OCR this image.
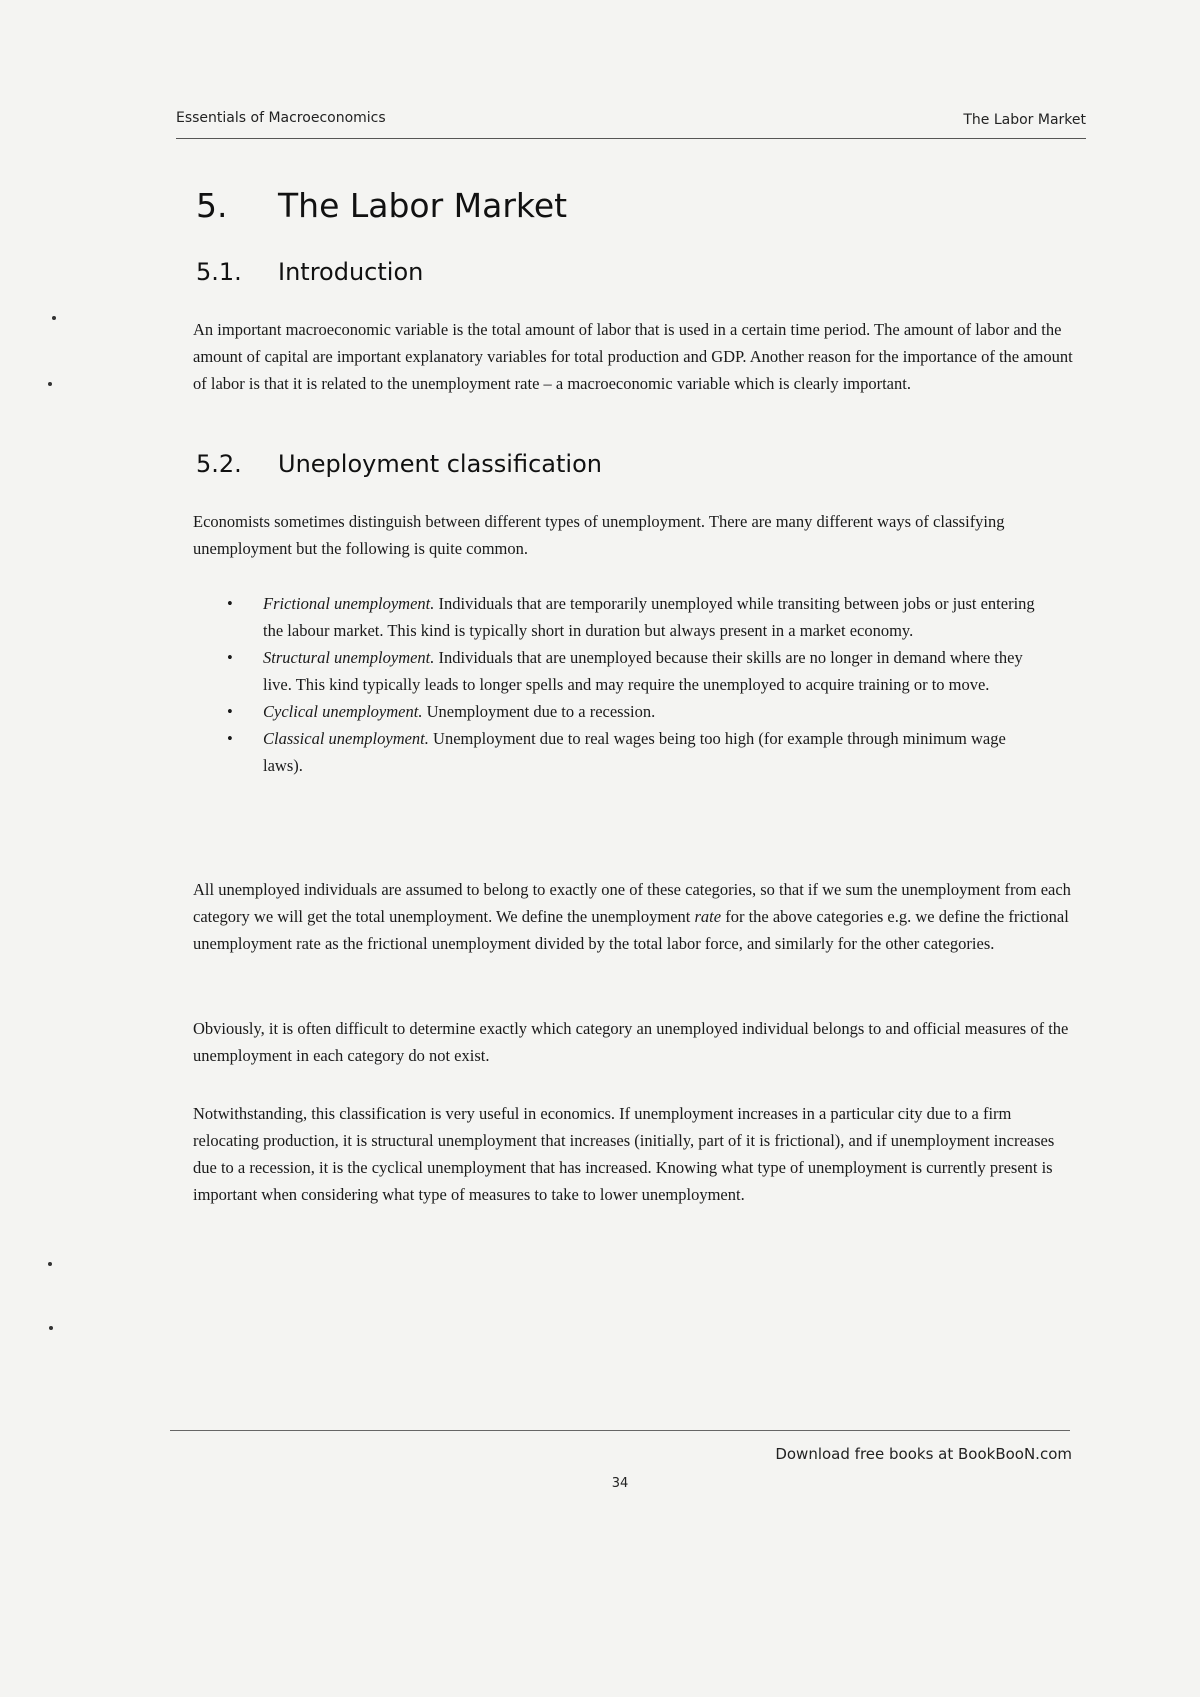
Essentials of Macroeconomics	The Labor Market
5. The Labor Market
5.1. Introduction

An important macroeconomic variable is the total amount of labor that is used in a certain time period. The amount of labor and the amount of capital are important explanatory variables for total production and GDP. Another reason for the importance of the amount of labor is that it is related to the unemployment rate – a macroeconomic variable which is clearly important.

5.2. Uneployment classification

Economists sometimes distinguish between different types of unemployment. There are many different ways of classifying unemployment but the following is quite common.

• Frictional unemployment. Individuals that are temporarily unemployed while transiting between jobs or just entering the labour market. This kind is typically short in duration but always present in a market economy.
• Structural unemployment. Individuals that are unemployed because their skills are no longer in demand where they live. This kind typically leads to longer spells and may require the unemployed to acquire training or to move.
• Cyclical unemployment. Unemployment due to a recession.
• Classical unemployment. Unemployment due to real wages being too high (for example through minimum wage laws).

All unemployed individuals are assumed to belong to exactly one of these categories, so that if we sum the unemployment from each category we will get the total unemployment. We define the unemployment rate for the above categories e.g. we define the frictional unemployment rate as the frictional unemployment divided by the total labor force, and similarly for the other categories.

Obviously, it is often difficult to determine exactly which category an unemployed individual belongs to and official measures of the unemployment in each category do not exist.

Notwithstanding, this classification is very useful in economics. If unemployment increases in a particular city due to a firm relocating production, it is structural unemployment that increases (initially, part of it is frictional), and if unemployment increases due to a recession, it is the cyclical unemployment that has increased. Knowing what type of unemployment is currently present is important when considering what type of measures to take to lower unemployment.

Download free books at BookBooN.com
34
